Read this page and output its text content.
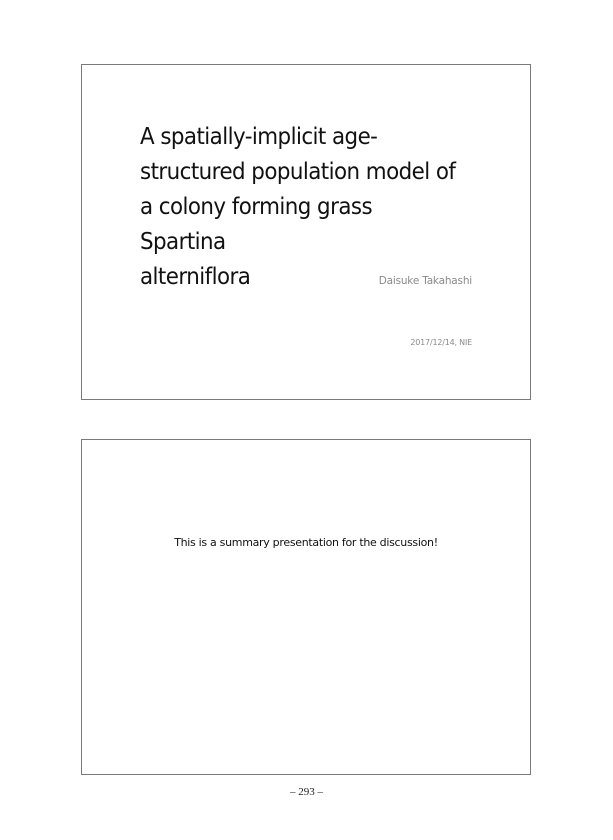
A spatially-implicit age-
structured population model of
a colony forming grass Spartina
alterniflora	Daisuke Takahashi
2017/12/14, NIE
This is a summary presentation for the discussion!
– 293 –
